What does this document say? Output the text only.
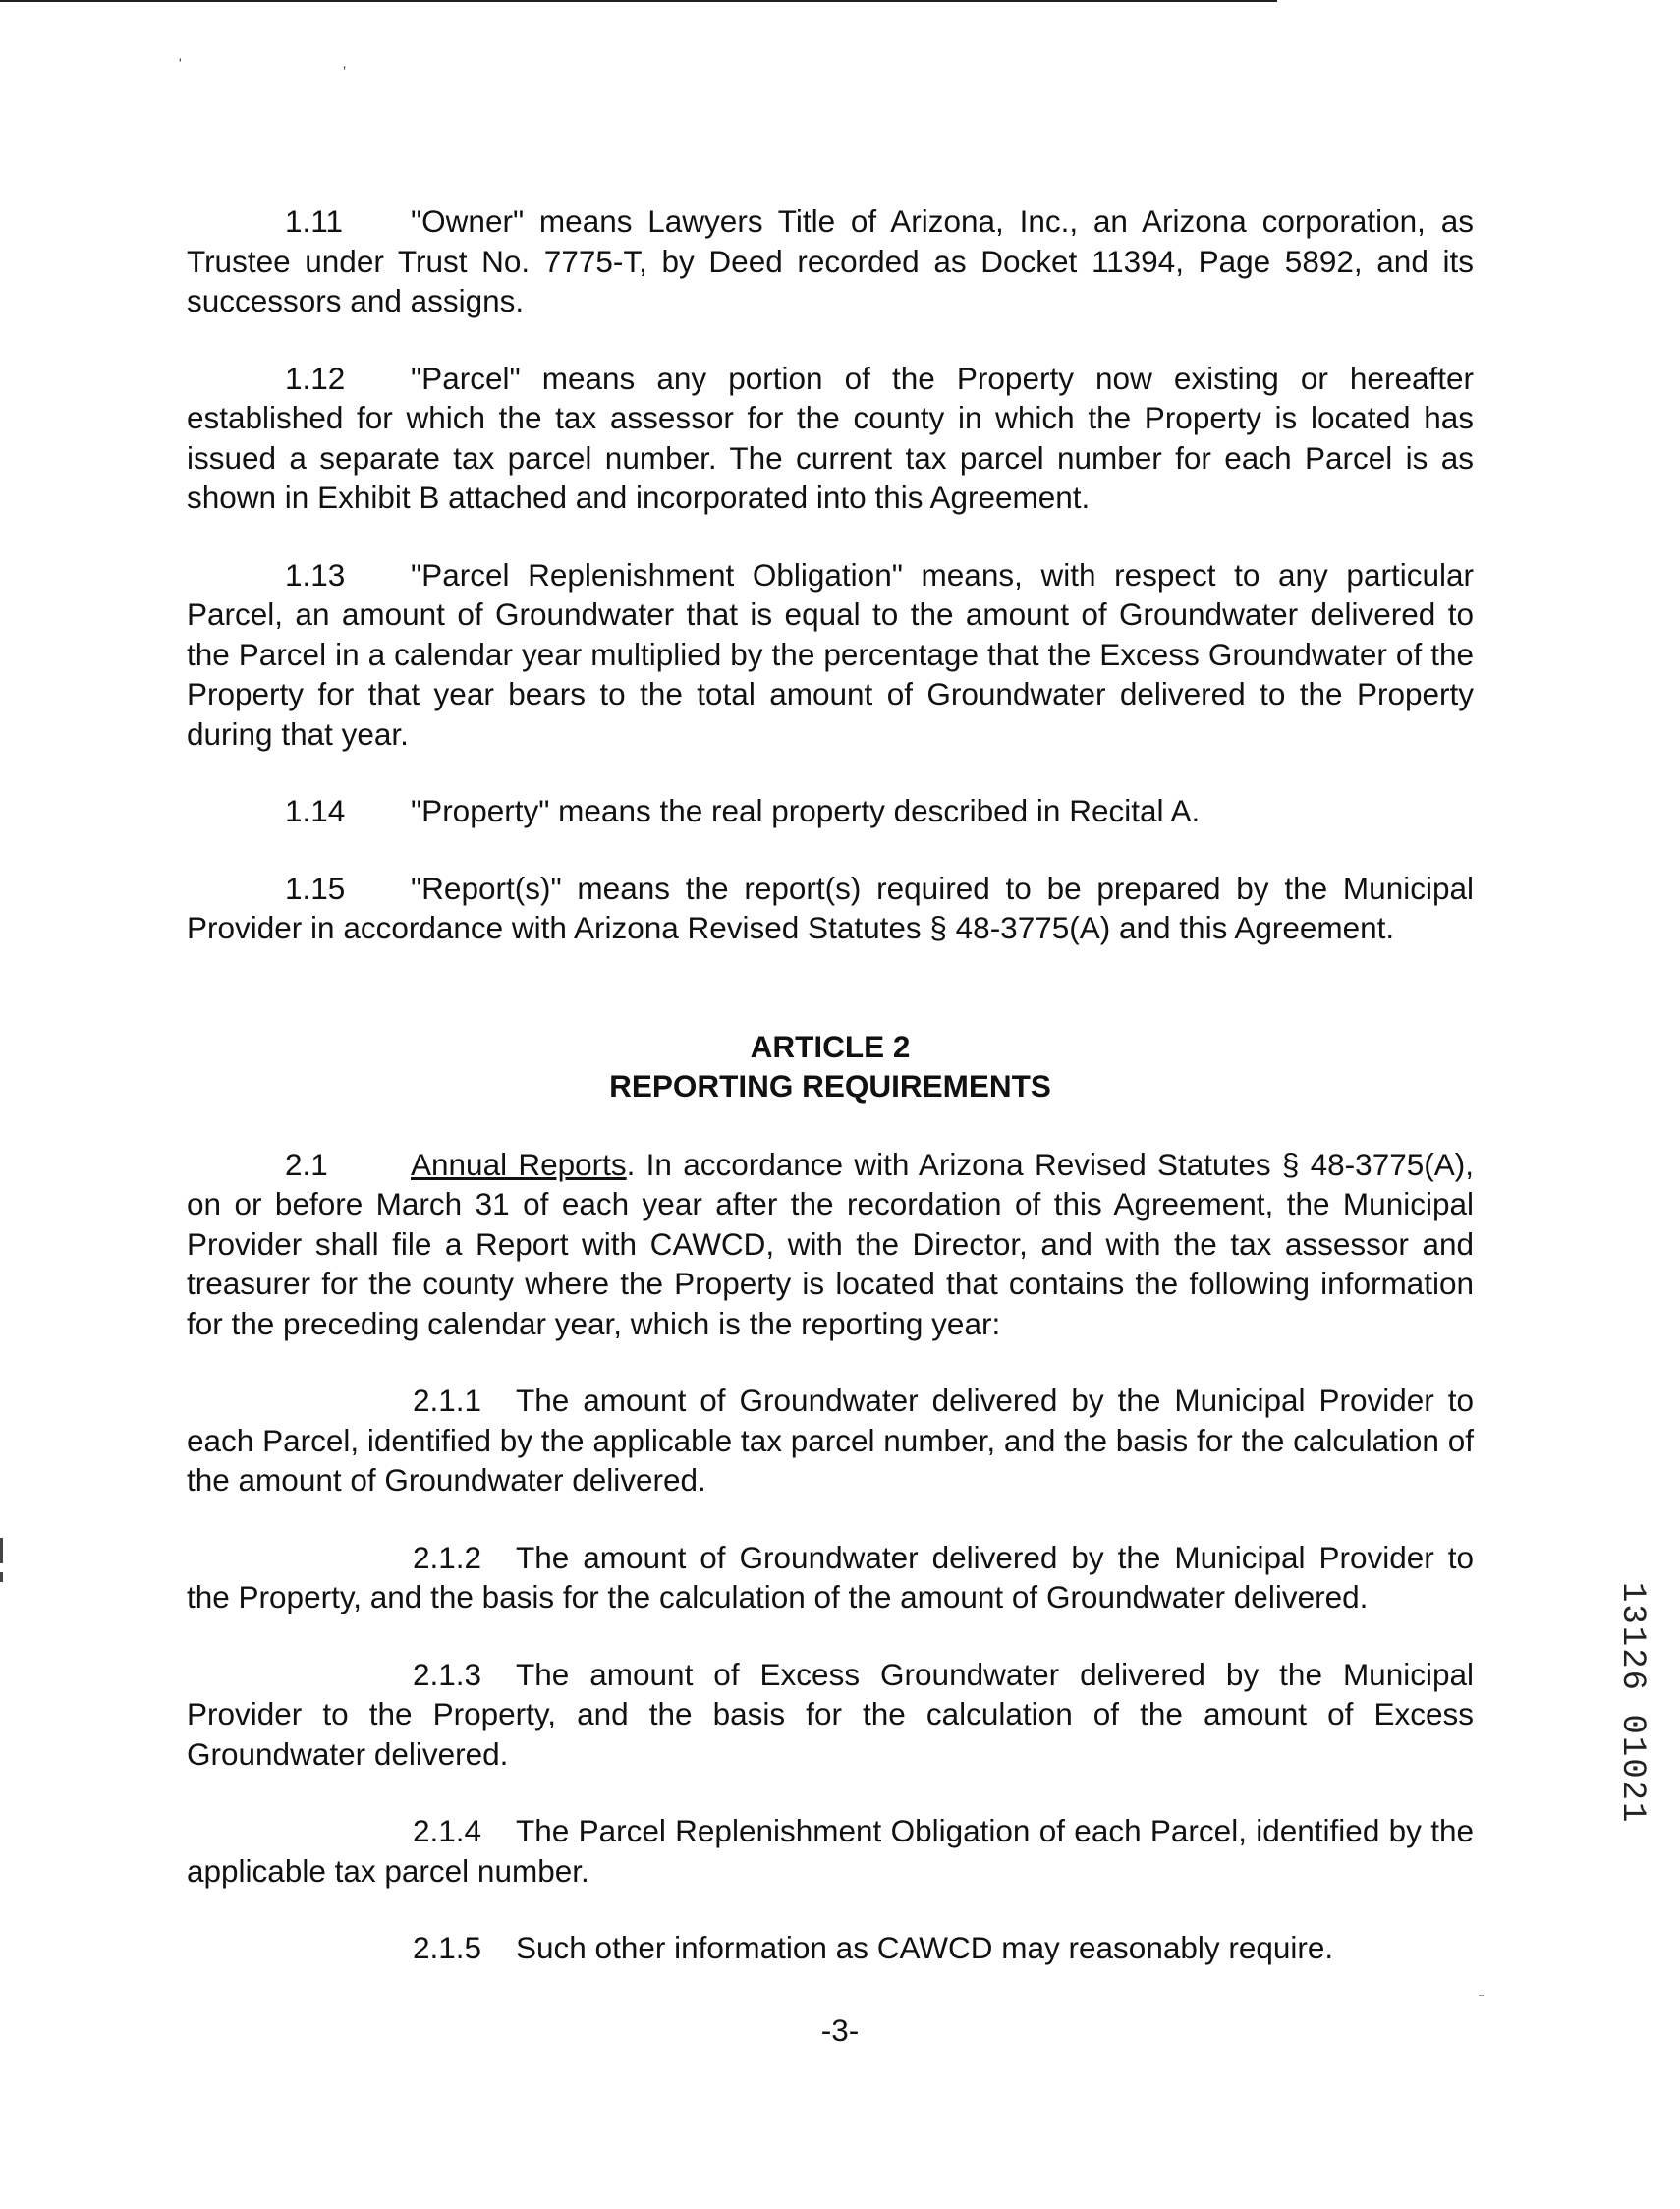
' ,

1.11 "Owner" means Lawyers Title of Arizona, Inc., an Arizona corporation, as Trustee under Trust No. 7775-T, by Deed recorded as Docket 11394, Page 5892, and its successors and assigns.

1.12 "Parcel" means any portion of the Property now existing or hereafter established for which the tax assessor for the county in which the Property is located has issued a separate tax parcel number. The current tax parcel number for each Parcel is as shown in Exhibit B attached and incorporated into this Agreement.

1.13 "Parcel Replenishment Obligation" means, with respect to any particular Parcel, an amount of Groundwater that is equal to the amount of Groundwater delivered to the Parcel in a calendar year multiplied by the percentage that the Excess Groundwater of the Property for that year bears to the total amount of Groundwater delivered to the Property during that year.

1.14 "Property" means the real property described in Recital A.

1.15 "Report(s)" means the report(s) required to be prepared by the Municipal Provider in accordance with Arizona Revised Statutes § 48-3775(A) and this Agreement.

ARTICLE 2
REPORTING REQUIREMENTS

2.1	Annual Reports. In accordance with Arizona Revised Statutes § 48-3775(A), on or before March 31 of each year after the recordation of this Agreement, the Municipal Provider shall file a Report with CAWCD, with the Director, and with the tax assessor and treasurer for the county where the Property is located that contains the following information for the preceding calendar year, which is the reporting year:

2.1.1 The amount of Groundwater delivered by the Municipal Provider to each Parcel, identified by the applicable tax parcel number, and the basis for the calculation of the amount of Groundwater delivered.

2.1.2 The amount of Groundwater delivered by the Municipal Provider to the Property, and the basis for the calculation of the amount of Groundwater delivered.

2.1.3 The amount of Excess Groundwater delivered by the Municipal Provider to the Property, and the basis for the calculation of the amount of Excess Groundwater delivered.

2.1.4 The Parcel Replenishment Obligation of each Parcel, identified by the applicable tax parcel number.

2.1.5 Such other information as CAWCD may reasonably require.

-3-
13126 01021
